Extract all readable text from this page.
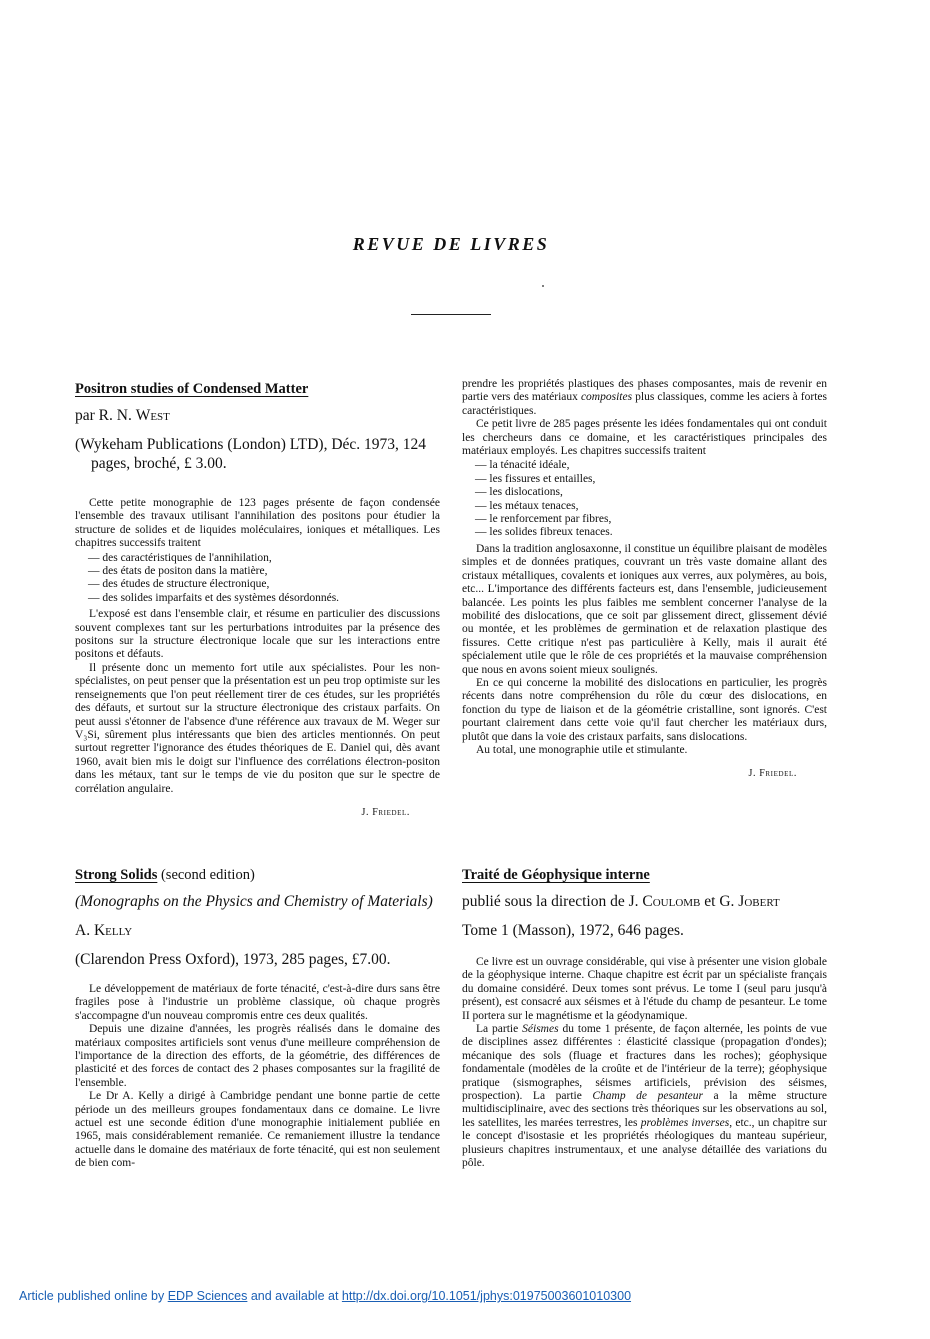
REVUE DE LIVRES
Positron studies of Condensed Matter

par R. N. West

(Wykeham Publications (London) LTD), Déc. 1973, 124 pages, broché, £ 3.00.

Cette petite monographie de 123 pages présente de façon condensée l'ensemble des travaux utilisant l'annihilation des positons pour étudier la structure de solides et de liquides moléculaires, ioniques et métalliques. Les chapitres successifs traitent

— des caractéristiques de l'annihilation,
— des états de positon dans la matière,
— des études de structure électronique,
— des solides imparfaits et des systèmes désordonnés.

L'exposé est dans l'ensemble clair, et résume en particulier des discussions souvent complexes tant sur les perturbations introduites par la présence des positons sur la structure électronique locale que sur les interactions entre positons et défauts.

Il présente donc un memento fort utile aux spécialistes. Pour les non-spécialistes, on peut penser que la présentation est un peu trop optimiste sur les renseignements que l'on peut réellement tirer de ces études, sur les propriétés des défauts, et surtout sur la structure électronique des cristaux parfaits. On peut aussi s'étonner de l'absence d'une référence aux travaux de M. Weger sur V₃Si, sûrement plus intéressants que bien des articles mentionnés. On peut surtout regretter l'ignorance des études théoriques de E. Daniel qui, dès avant 1960, avait bien mis le doigt sur l'influence des corrélations électron-positon dans les métaux, tant sur le temps de vie du positon que sur le spectre de corrélation angulaire.

J. Friedel.

prendre les propriétés plastiques des phases composantes, mais de revenir en partie vers des matériaux composites plus classiques, comme les aciers à fortes caractéristiques.

Ce petit livre de 285 pages présente les idées fondamentales qui ont conduit les chercheurs dans ce domaine, et les caractéristiques principales des matériaux employés. Les chapitres successifs traitent

— la ténacité idéale,
— les fissures et entailles,
— les dislocations,
— les métaux tenaces,
— le renforcement par fibres,
— les solides fibreux tenaces.

Dans la tradition anglosaxonne, il constitue un équilibre plaisant de modèles simples et de données pratiques, couvrant un très vaste domaine allant des cristaux métalliques, covalents et ioniques aux verres, aux polymères, au bois, etc... L'importance des différents facteurs est, dans l'ensemble, judicieusement balancée. Les points les plus faibles me semblent concerner l'analyse de la mobilité des dislocations, que ce soit par glissement direct, glissement dévié ou montée, et les problèmes de germination et de relaxation plastique des fissures. Cette critique n'est pas particulière à Kelly, mais il aurait été spécialement utile que le rôle de ces propriétés et la mauvaise compréhension que nous en avons soient mieux soulignés.

En ce qui concerne la mobilité des dislocations en particulier, les progrès récents dans notre compréhension du rôle du cœur des dislocations, en fonction du type de liaison et de la géométrie cristalline, sont ignorés. C'est pourtant clairement dans cette voie qu'il faut chercher les matériaux durs, plutôt que dans la voie des cristaux parfaits, sans dislocations.

Au total, une monographie utile et stimulante.

J. Friedel.

Strong Solids (second edition)

(Monographs on the Physics and Chemistry of Materials)

A. Kelly

(Clarendon Press Oxford), 1973, 285 pages, £7.00.

Le développement de matériaux de forte ténacité, c'est-à-dire durs sans être fragiles pose à l'industrie un problème classique, où chaque progrès s'accompagne d'un nouveau compromis entre ces deux qualités.

Depuis une dizaine d'années, les progrès réalisés dans le domaine des matériaux composites artificiels sont venus d'une meilleure compréhension de l'importance de la direction des efforts, de la géométrie, des différences de plasticité et des forces de contact des 2 phases composantes sur la fragilité de l'ensemble.

Le Dr A. Kelly a dirigé à Cambridge pendant une bonne partie de cette période un des meilleurs groupes fondamentaux dans ce domaine. Le livre actuel est une seconde édition d'une monographie initialement publiée en 1965, mais considérablement remaniée. Ce remaniement illustre la tendance actuelle dans le domaine des matériaux de forte ténacité, qui est non seulement de bien com-

Traité de Géophysique interne

publié sous la direction de J. Coulomb et G. Jobert

Tome 1 (Masson), 1972, 646 pages.

Ce livre est un ouvrage considérable, qui vise à présenter une vision globale de la géophysique interne. Chaque chapitre est écrit par un spécialiste français du domaine considéré. Deux tomes sont prévus. Le tome I (seul paru jusqu'à présent), est consacré aux séismes et à l'étude du champ de pesanteur. Le tome II portera sur le magnétisme et la géodynamique.

La partie Séismes du tome 1 présente, de façon alternée, les points de vue de disciplines assez différentes : élasticité classique (propagation d'ondes); mécanique des sols (fluage et fractures dans les roches); géophysique fondamentale (modèles de la croûte et de l'intérieur de la terre); géophysique pratique (sismographes, séismes artificiels, prévision des séismes, prospection). La partie Champ de pesanteur a la même structure multidisciplinaire, avec des sections très théoriques sur les observations au sol, les satellites, les marées terrestres, les problèmes inverses, etc., un chapitre sur le concept d'isostasie et les propriétés rhéologiques du manteau supérieur, plusieurs chapitres instrumentaux, et une analyse détaillée des variations du pôle.

Article published online by EDP Sciences and available at http://dx.doi.org/10.1051/jphys:01975003601010300
